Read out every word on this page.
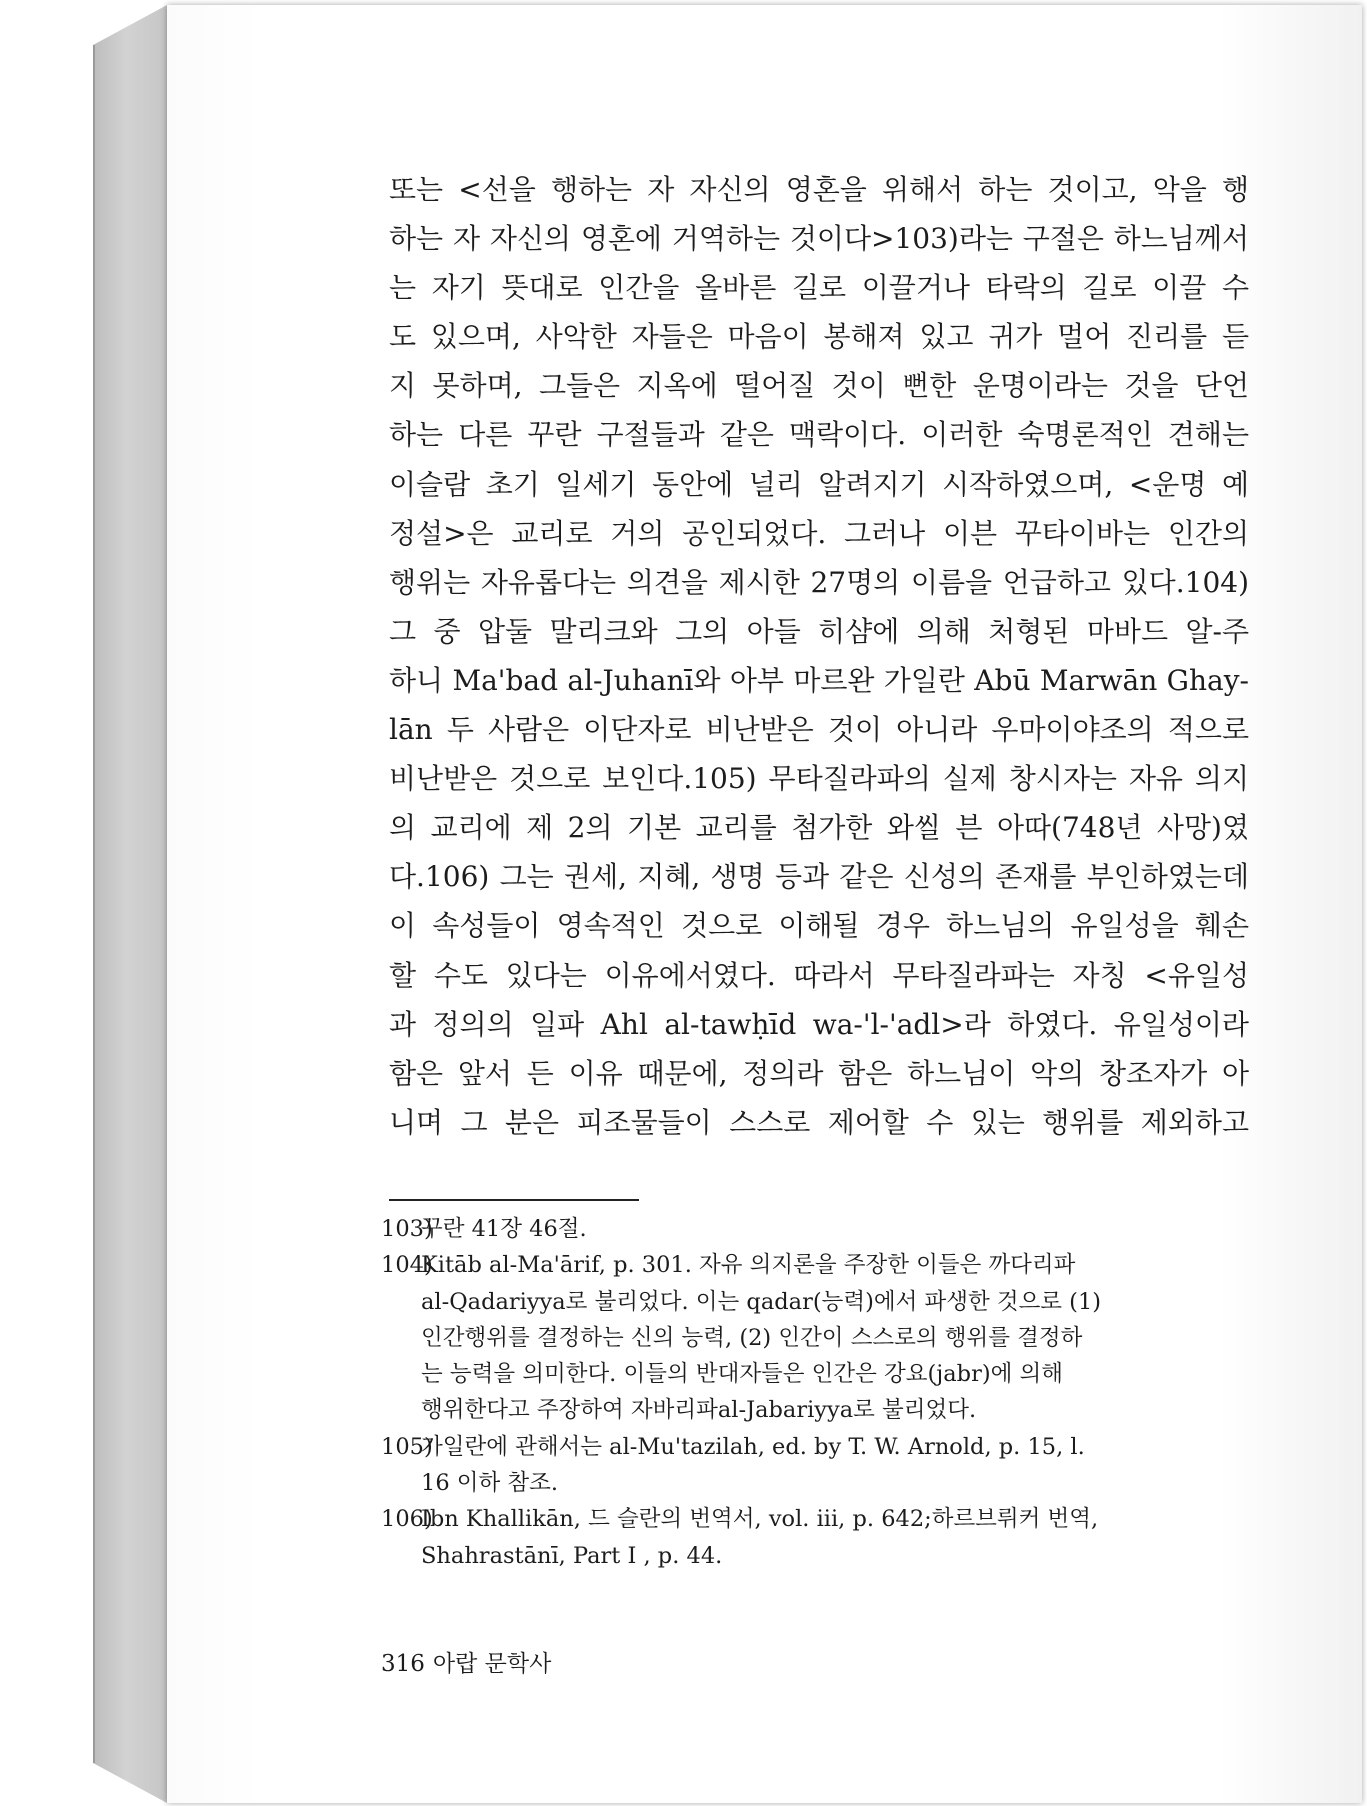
또는 <선을 행하는 자 자신의 영혼을 위해서 하는 것이고, 악을 행
하는 자 자신의 영혼에 거역하는 것이다>103)라는 구절은 하느님께서
는 자기 뜻대로 인간을 올바른 길로 이끌거나 타락의 길로 이끌 수
도 있으며, 사악한 자들은 마음이 봉해져 있고 귀가 멀어 진리를 듣
지 못하며, 그들은 지옥에 떨어질 것이 뻔한 운명이라는 것을 단언
하는 다른 꾸란 구절들과 같은 맥락이다. 이러한 숙명론적인 견해는
이슬람 초기 일세기 동안에 널리 알려지기 시작하였으며, <운명 예
정설>은 교리로 거의 공인되었다. 그러나 이븐 꾸타이바는 인간의
행위는 자유롭다는 의견을 제시한 27명의 이름을 언급하고 있다.104)
그 중 압둘 말리크와 그의 아들 히샴에 의해 처형된 마바드 알-주
하니 Ma'bad al-Juhanī와 아부 마르완 가일란 Abū Marwān Ghay-
lān 두 사람은 이단자로 비난받은 것이 아니라 우마이야조의 적으로
비난받은 것으로 보인다.105) 무타질라파의 실제 창시자는 자유 의지
의 교리에 제 2의 기본 교리를 첨가한 와씰 븐 아따(748년 사망)였
다.106) 그는 권세, 지혜, 생명 등과 같은 신성의 존재를 부인하였는데
이 속성들이 영속적인 것으로 이해될 경우 하느님의 유일성을 훼손
할 수도 있다는 이유에서였다. 따라서 무타질라파는 자칭 <유일성
과 정의의 일파 Ahl al-tawḥīd wa-'l-'adl>라 하였다. 유일성이라
함은 앞서 든 이유 때문에, 정의라 함은 하느님이 악의 창조자가 아
니며 그 분은 피조물들이 스스로 제어할 수 있는 행위를 제외하고
103)꾸란 41장 46절.
104)Kitāb al-Ma'ārif, p. 301. 자유 의지론을 주장한 이들은 까다리파
al-Qadariyya로 불리었다. 이는 qadar(능력)에서 파생한 것으로 (1)
인간행위를 결정하는 신의 능력, (2) 인간이 스스로의 행위를 결정하
는 능력을 의미한다. 이들의 반대자들은 인간은 강요(jabr)에 의해
행위한다고 주장하여 자바리파al-Jabariyya로 불리었다.
105)가일란에 관해서는 al-Mu'tazilah, ed. by T. W. Arnold, p. 15, l.
16 이하 참조.
106)Ibn Khallikān, 드 슬란의 번역서, vol. iii, p. 642;하르브뤼커 번역,
Shahrastānī, Part I , p. 44.
316 아랍 문학사
